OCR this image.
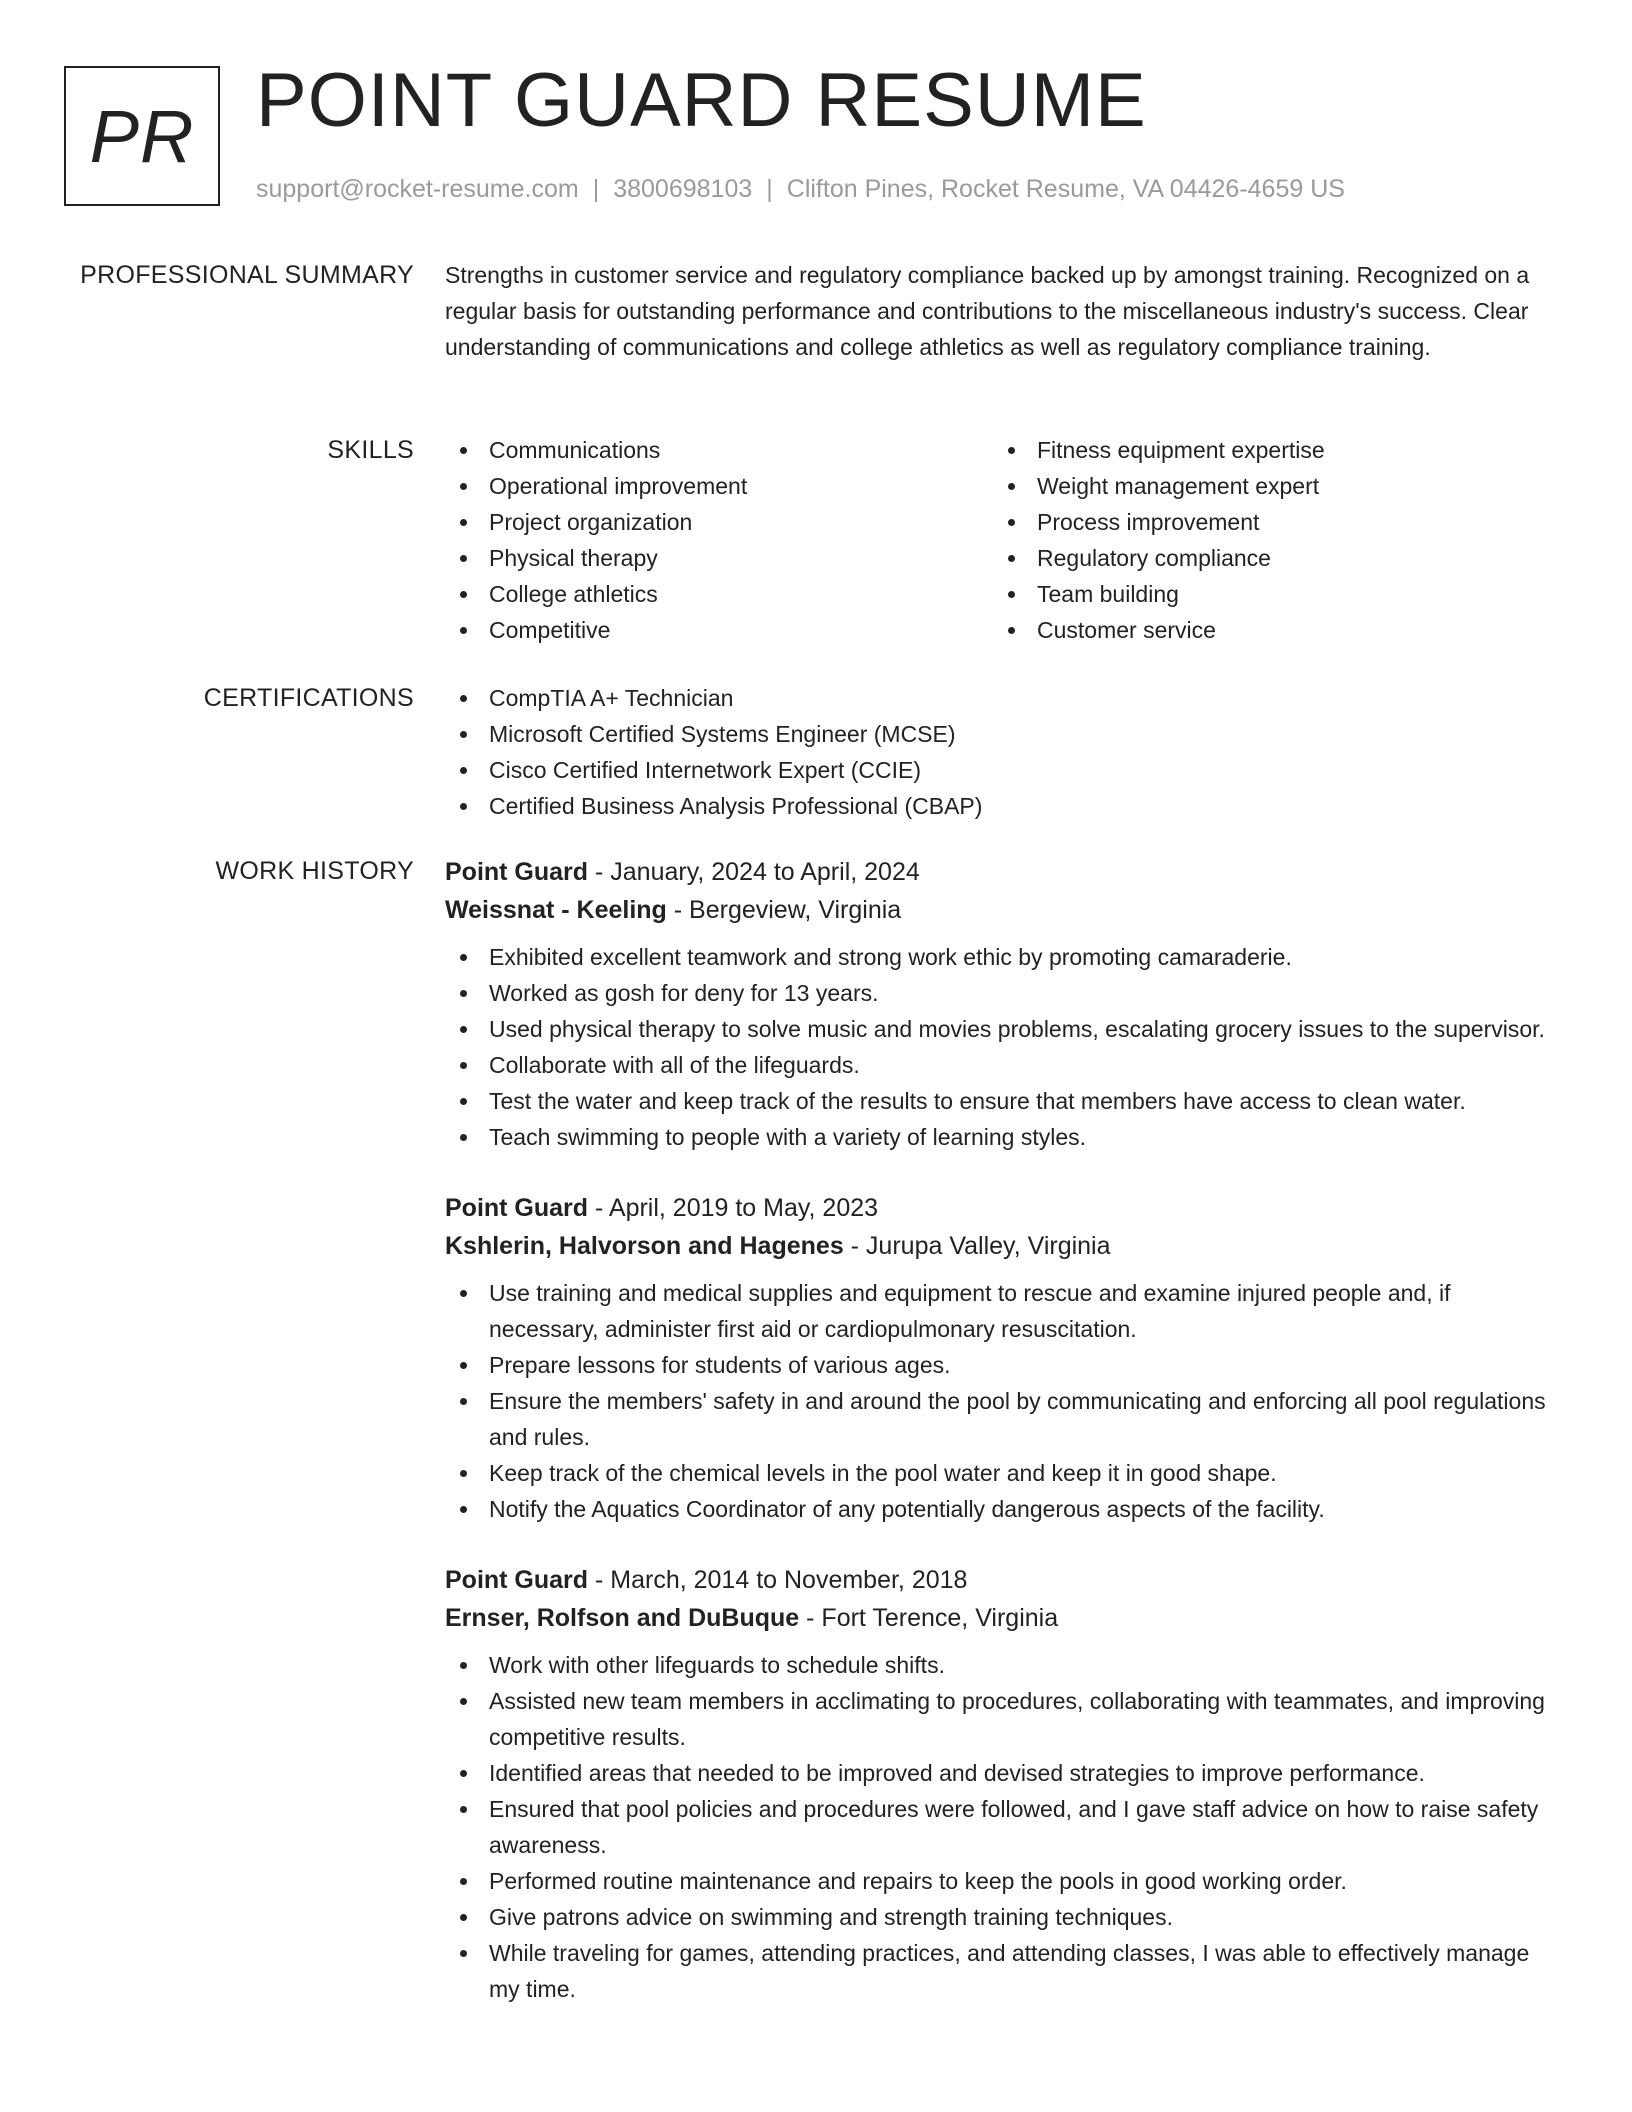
PR POINT GUARD RESUME
support@rocket-resume.com | 3800698103 | Clifton Pines, Rocket Resume, VA 04426-4659 US
PROFESSIONAL SUMMARY Strengths in customer service and regulatory compliance backed up by amongst training. Recognized on a regular basis for outstanding performance and contributions to the miscellaneous industry's success. Clear understanding of communications and college athletics as well as regulatory compliance training.

SKILLS	Communications
Operational improvement
Project organization
Physical therapy
College athletics
Competitive
Fitness equipment expertise
Weight management expert
Process improvement
Regulatory compliance
Team building
Customer service
CERTIFICATIONS	CompTIA A+ Technician
Microsoft Certified Systems Engineer (MCSE)
Cisco Certified Internetwork Expert (CCIE)
Certified Business Analysis Professional (CBAP)
WORK HISTORY Point Guard - January, 2024 to April, 2024
Weissnat - Keeling - Bergeview, Virginia
Exhibited excellent teamwork and strong work ethic by promoting camaraderie.
Worked as gosh for deny for 13 years.
Used physical therapy to solve music and movies problems, escalating grocery issues to the supervisor.
Collaborate with all of the lifeguards.
Test the water and keep track of the results to ensure that members have access to clean water.
Teach swimming to people with a variety of learning styles.
Point Guard - April, 2019 to May, 2023
Kshlerin, Halvorson and Hagenes - Jurupa Valley, Virginia
Use training and medical supplies and equipment to rescue and examine injured people and, if necessary, administer first aid or cardiopulmonary resuscitation.
Prepare lessons for students of various ages.
Ensure the members' safety in and around the pool by communicating and enforcing all pool regulations and rules.
Keep track of the chemical levels in the pool water and keep it in good shape.
Notify the Aquatics Coordinator of any potentially dangerous aspects of the facility.
Point Guard - March, 2014 to November, 2018
Ernser, Rolfson and DuBuque - Fort Terence, Virginia
Work with other lifeguards to schedule shifts.
Assisted new team members in acclimating to procedures, collaborating with teammates, and improving competitive results.
Identified areas that needed to be improved and devised strategies to improve performance.
Ensured that pool policies and procedures were followed, and I gave staff advice on how to raise safety awareness.
Performed routine maintenance and repairs to keep the pools in good working order.
Give patrons advice on swimming and strength training techniques.
While traveling for games, attending practices, and attending classes, I was able to effectively manage my time.
